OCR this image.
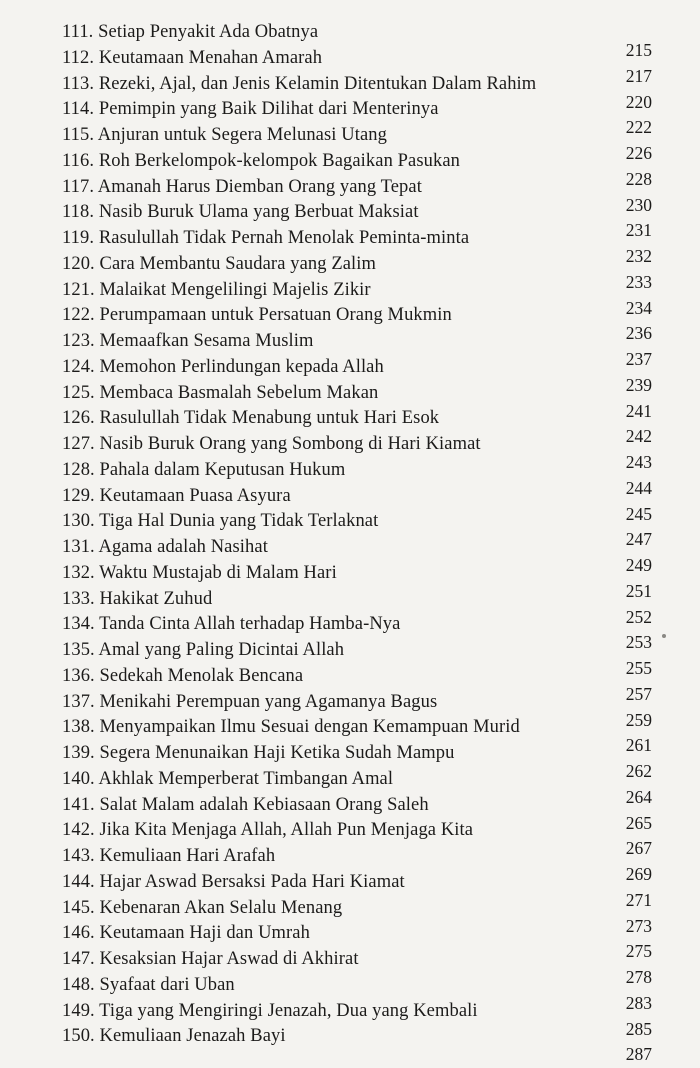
111. Setiap Penyakit Ada Obatnya
112. Keutamaan Menahan Amarah
113. Rezeki, Ajal, dan Jenis Kelamin Ditentukan Dalam Rahim
114. Pemimpin yang Baik Dilihat dari Menterinya
115. Anjuran untuk Segera Melunasi Utang
116. Roh Berkelompok-kelompok Bagaikan Pasukan
117. Amanah Harus Diemban Orang yang Tepat
118. Nasib Buruk Ulama yang Berbuat Maksiat
119. Rasulullah Tidak Pernah Menolak Peminta-minta
120. Cara Membantu Saudara yang Zalim
121. Malaikat Mengelilingi Majelis Zikir
122. Perumpamaan untuk Persatuan Orang Mukmin
123. Memaafkan Sesama Muslim
124. Memohon Perlindungan kepada Allah
125. Membaca Basmalah Sebelum Makan
126. Rasulullah Tidak Menabung untuk Hari Esok
127. Nasib Buruk Orang yang Sombong di Hari Kiamat
128. Pahala dalam Keputusan Hukum
129. Keutamaan Puasa Asyura
130. Tiga Hal Dunia yang Tidak Terlaknat
131. Agama adalah Nasihat
132. Waktu Mustajab di Malam Hari
133. Hakikat Zuhud
134. Tanda Cinta Allah terhadap Hamba-Nya
135. Amal yang Paling Dicintai Allah
136. Sedekah Menolak Bencana
137. Menikahi Perempuan yang Agamanya Bagus
138. Menyampaikan Ilmu Sesuai dengan Kemampuan Murid
139. Segera Menunaikan Haji Ketika Sudah Mampu
140. Akhlak Memperberat Timbangan Amal
141. Salat Malam adalah Kebiasaan Orang Saleh
142. Jika Kita Menjaga Allah, Allah Pun Menjaga Kita
143. Kemuliaan Hari Arafah
144. Hajar Aswad Bersaksi Pada Hari Kiamat
145. Kebenaran Akan Selalu Menang
146. Keutamaan Haji dan Umrah
147. Kesaksian Hajar Aswad di Akhirat
148. Syafaat dari Uban
149. Tiga yang Mengiringi Jenazah, Dua yang Kembali
150. Kemuliaan Jenazah Bayi
215
217
220
222
226
228
230
231
232
233
234
236
237
239
241
242
243
244
245
247
249
251
252
253
255
257
259
261
262
264
265
267
269
271
273
275
278
283
285
287
